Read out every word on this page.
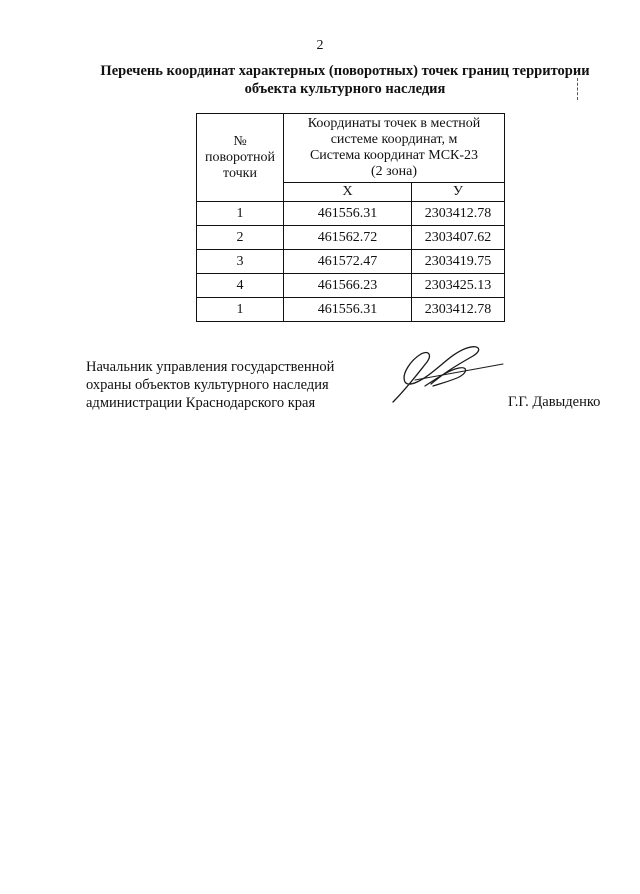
2
Перечень координат характерных (поворотных) точек границ территории
объекта культурного наследия
№
поворотной
точки	Координаты точек в местной
системе координат, м
Система координат МСК-23
(2 зона)	

	X	У
1	461556.31	2303412.78
2	461562.72	2303407.62
3	461572.47	2303419.75
4	461566.23	2303425.13
1	461556.31	2303412.78
Начальник управления государственной
охраны объектов культурного наследия
администрации Краснодарского края	Г.Г. Давыденко
